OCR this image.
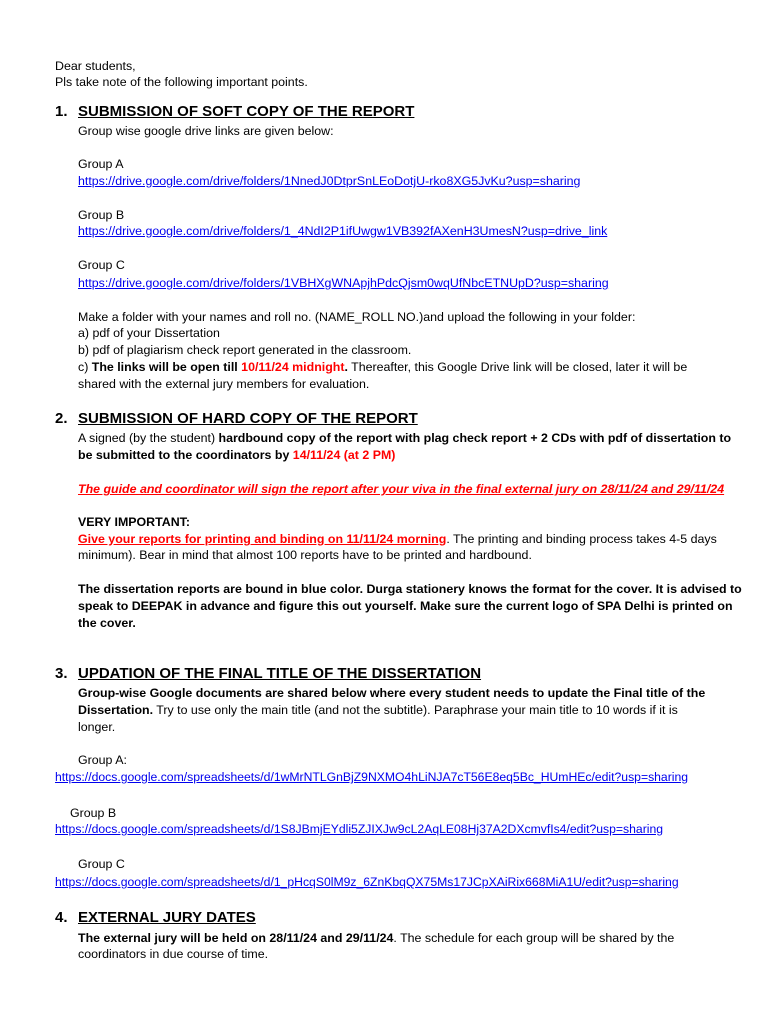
Dear students,
Pls take note of the following important points.
1. SUBMISSION OF SOFT COPY OF THE REPORT
Group wise google drive links are given below:
Group A
https://drive.google.com/drive/folders/1NnedJ0DtprSnLEoDotjU-rko8XG5JvKu?usp=sharing
Group B
https://drive.google.com/drive/folders/1_4NdI2P1ifUwgw1VB392fAXenH3UmesN?usp=drive_link
Group C
https://drive.google.com/drive/folders/1VBHXgWNApjhPdcQjsm0wqUfNbcETNUpD?usp=sharing
Make a folder with your names and roll no. (NAME_ROLL NO.)and upload the following in your folder:
a) pdf of your Dissertation
b) pdf of plagiarism check report generated in the classroom.
c) The links will be open till 10/11/24 midnight. Thereafter, this Google Drive link will be closed, later it will be
shared with the external jury members for evaluation.
2. SUBMISSION OF HARD COPY OF THE REPORT
A signed (by the student) hardbound copy of the report with plag check report + 2 CDs with pdf of dissertation to
be submitted to the coordinators by 14/11/24 (at 2 PM)
The guide and coordinator will sign the report after your viva in the final external jury on 28/11/24 and 29/11/24
VERY IMPORTANT:
Give your reports for printing and binding on 11/11/24 morning. The printing and binding process takes 4-5 days
minimum). Bear in mind that almost 100 reports have to be printed and hardbound.
The dissertation reports are bound in blue color. Durga stationery knows the format for the cover. It is advised to
speak to DEEPAK in advance and figure this out yourself. Make sure the current logo of SPA Delhi is printed on
the cover.
3. UPDATION OF THE FINAL TITLE OF THE DISSERTATION
Group-wise Google documents are shared below where every student needs to update the Final title of the
Dissertation. Try to use only the main title (and not the subtitle). Paraphrase your main title to 10 words if it is
longer.
Group A:
https://docs.google.com/spreadsheets/d/1wMrNTLGnBjZ9NXMO4hLiNJA7cT56E8eq5Bc_HUmHEc/edit?usp=sharing
Group B
https://docs.google.com/spreadsheets/d/1S8JBmjEYdli5ZJIXJw9cL2AqLE08Hj37A2DXcmvfIs4/edit?usp=sharing
Group C
https://docs.google.com/spreadsheets/d/1_pHcqS0lM9z_6ZnKbqQX75Ms17JCpXAiRix668MiA1U/edit?usp=sharing
4. EXTERNAL JURY DATES
The external jury will be held on 28/11/24 and 29/11/24. The schedule for each group will be shared by the
coordinators in due course of time.
